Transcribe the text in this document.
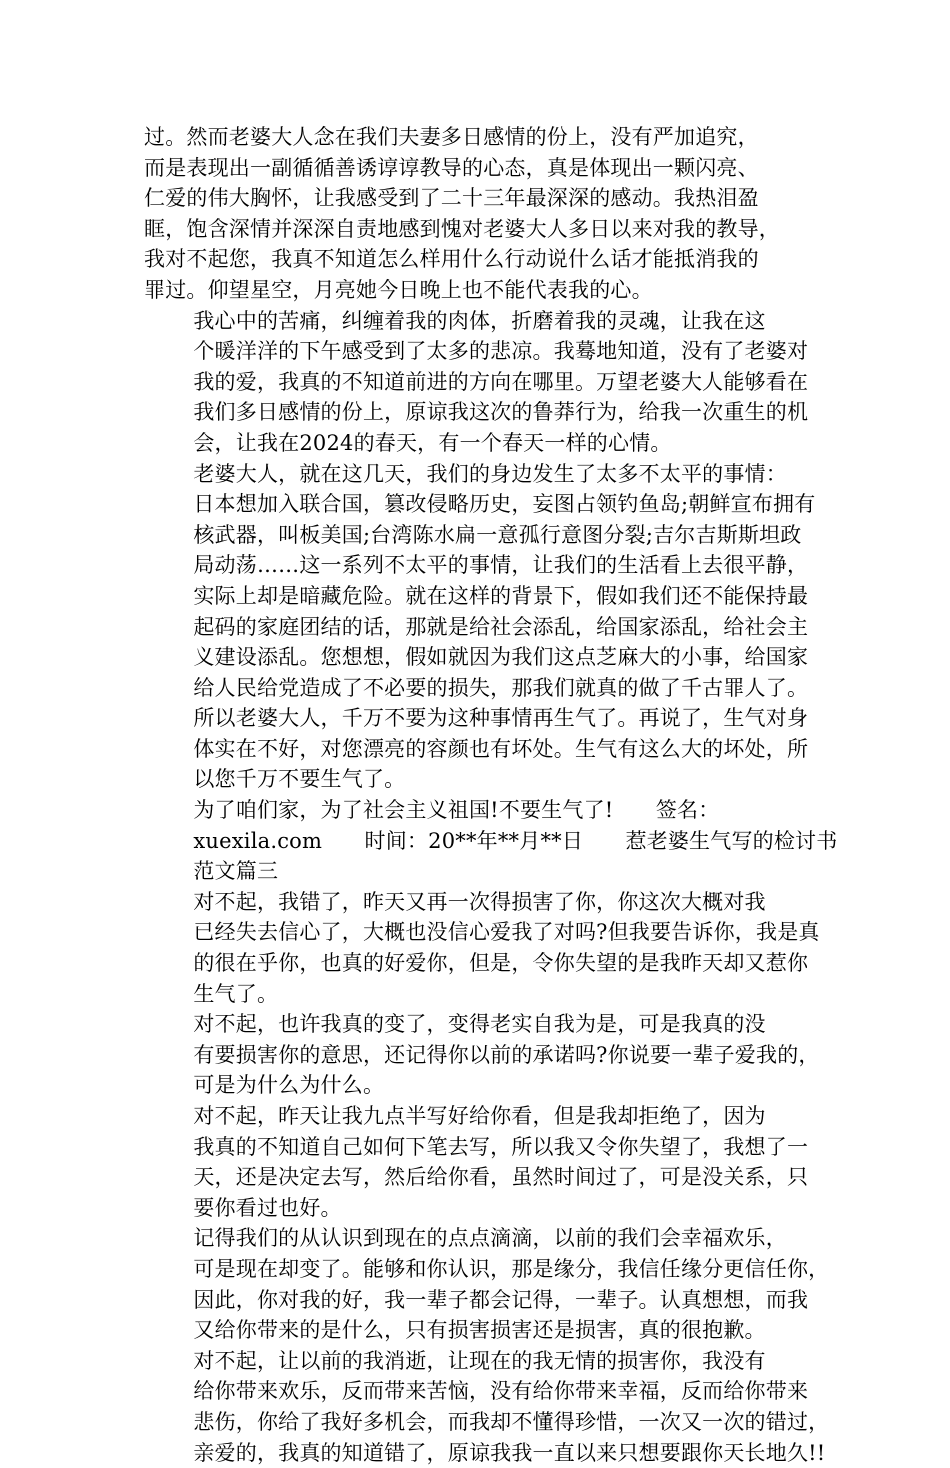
过。然而老婆大人念在我们夫妻多日感情的份上，没有严加追究，
而是表现出一副循循善诱谆谆教导的心态，真是体现出一颗闪亮、
仁爱的伟大胸怀，让我感受到了二十三年最深深的感动。我热泪盈
眶，饱含深情并深深自责地感到愧对老婆大人多日以来对我的教导，
我对不起您，我真不知道怎么样用什么行动说什么话才能抵消我的
罪过。仰望星空，月亮她今日晚上也不能代表我的心。
我心中的苦痛，纠缠着我的肉体，折磨着我的灵魂，让我在这
个暖洋洋的下午感受到了太多的悲凉。我蓦地知道，没有了老婆对
我的爱，我真的不知道前进的方向在哪里。万望老婆大人能够看在
我们多日感情的份上，原谅我这次的鲁莽行为，给我一次重生的机
会，让我在2024的春天，有一个春天一样的心情。
老婆大人，就在这几天，我们的身边发生了太多不太平的事情：
日本想加入联合国，篡改侵略历史，妄图占领钓鱼岛;朝鲜宣布拥有
核武器，叫板美国;台湾陈水扁一意孤行意图分裂;吉尔吉斯斯坦政
局动荡……这一系列不太平的事情，让我们的生活看上去很平静，
实际上却是暗藏危险。就在这样的背景下，假如我们还不能保持最
起码的家庭团结的话，那就是给社会添乱，给国家添乱，给社会主
义建设添乱。您想想，假如就因为我们这点芝麻大的小事，给国家
给人民给党造成了不必要的损失，那我们就真的做了千古罪人了。
所以老婆大人，千万不要为这种事情再生气了。再说了，生气对身
体实在不好，对您漂亮的容颜也有坏处。生气有这么大的坏处，所
以您千万不要生气了。
为了咱们家，为了社会主义祖国!不要生气了!　　签名：
xuexila.com　　时间：20**年**月**日　　惹老婆生气写的检讨书
范文篇三
对不起，我错了，昨天又再一次得损害了你，你这次大概对我
已经失去信心了，大概也没信心爱我了对吗?但我要告诉你，我是真
的很在乎你，也真的好爱你，但是，令你失望的是我昨天却又惹你
生气了。
对不起，也许我真的变了，变得老实自我为是，可是我真的没
有要损害你的意思，还记得你以前的承诺吗?你说要一辈子爱我的，
可是为什么为什么。
对不起，昨天让我九点半写好给你看，但是我却拒绝了，因为
我真的不知道自己如何下笔去写，所以我又令你失望了，我想了一
天，还是决定去写，然后给你看，虽然时间过了，可是没关系，只
要你看过也好。
记得我们的从认识到现在的点点滴滴，以前的我们会幸福欢乐，
可是现在却变了。能够和你认识，那是缘分，我信任缘分更信任你，
因此，你对我的好，我一辈子都会记得，一辈子。认真想想，而我
又给你带来的是什么，只有损害损害还是损害，真的很抱歉。
对不起，让以前的我消逝，让现在的我无情的损害你，我没有
给你带来欢乐，反而带来苦恼，没有给你带来幸福，反而给你带来
悲伤，你给了我好多机会，而我却不懂得珍惜，一次又一次的错过，
亲爱的，我真的知道错了，原谅我我一直以来只想要跟你天长地久!!
